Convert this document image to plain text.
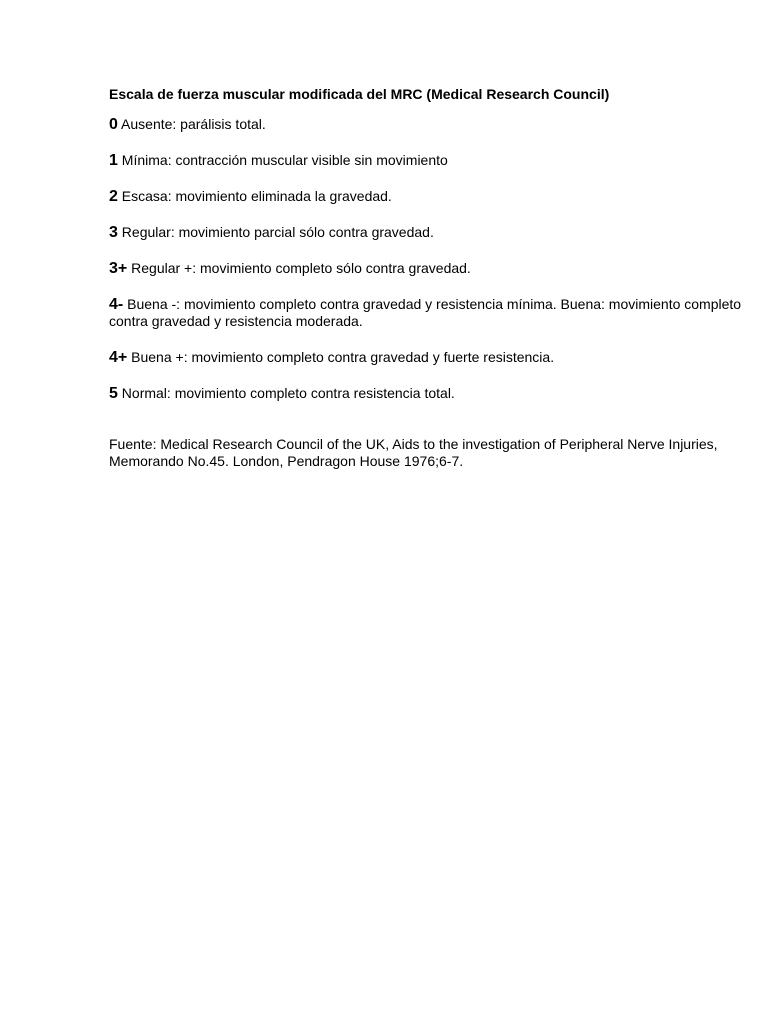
Escala de fuerza muscular modificada del MRC (Medical Research Council)
0 Ausente: parálisis total.
1 Mínima: contracción muscular visible sin movimiento
2 Escasa: movimiento eliminada la gravedad.
3 Regular: movimiento parcial sólo contra gravedad.
3+ Regular +: movimiento completo sólo contra gravedad.
4- Buena -: movimiento completo contra gravedad y resistencia mínima. Buena: movimiento completo contra gravedad y resistencia moderada.
4+ Buena +: movimiento completo contra gravedad y fuerte resistencia.
5 Normal: movimiento completo contra resistencia total.
Fuente: Medical Research Council of the UK, Aids to the investigation of Peripheral Nerve Injuries, Memorando No.45. London, Pendragon House 1976;6-7.
